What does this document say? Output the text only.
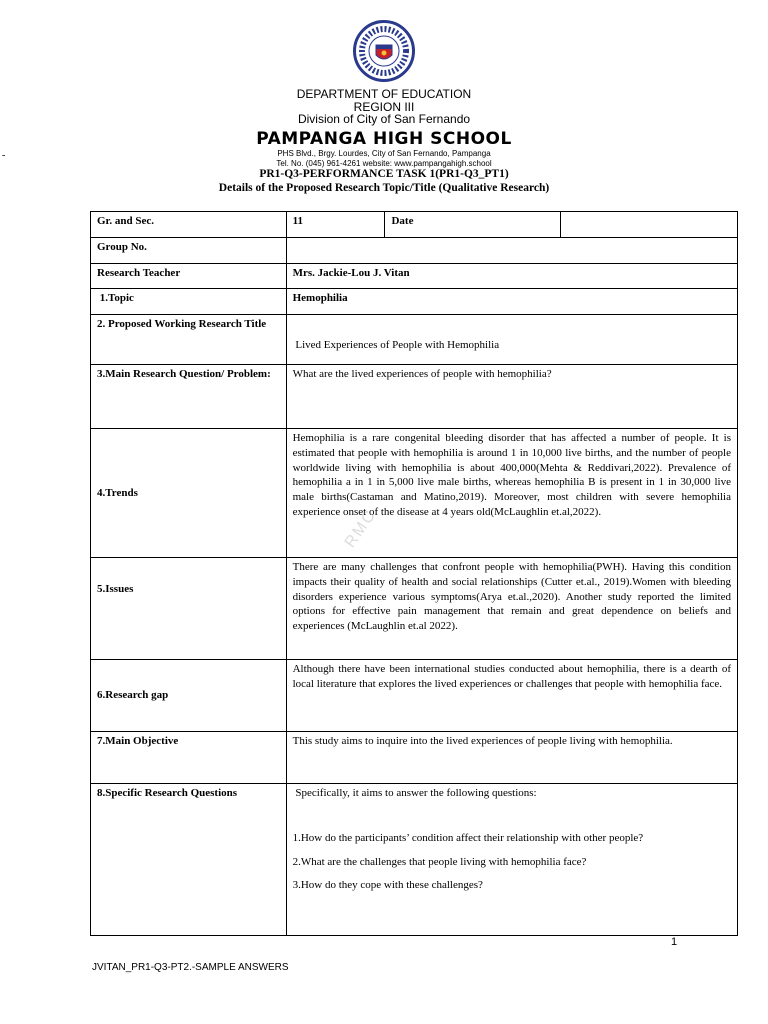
-
DEPARTMENT OF EDUCATION
REGION III
Division of City of San Fernando
PAMPANGA HIGH SCHOOL
PHS Blvd., Brgy. Lourdes, City of San Fernando, Pampanga
Tel. No. (045) 961-4261 website: www.pampangahigh.school
PR1-Q3-PERFORMANCE TASK 1(PR1-Q3_PT1)
Details of the Proposed Research Topic/Title (Qualitative Research)
Gr. and Sec.	11	Date	
Group No.			
Research Teacher	Mrs. Jackie-Lou J. Vitan		
1.Topic	Hemophilia		
2. Proposed Working Research Title	Lived Experiences of People with Hemophilia		
3.Main Research Question/ Problem:	What are the lived experiences of people with hemophilia?		
4.Trends	Hemophilia is a rare congenital bleeding disorder that has affected a number of people. It is estimated that people with hemophilia is around 1 in 10,000 live births, and the number of people worldwide living with hemophilia is about 400,000(Mehta & Reddivari,2022). Prevalence of hemophilia a in 1 in 5,000 live male births, whereas hemophilia B is present in 1 in 30,000 live male births(Castaman and Matino,2019). Moreover, most children with severe hemophilia experience onset of the disease at 4 years old(McLaughlin et.al,2022).		
5.Issues	There are many challenges that confront people with hemophilia(PWH). Having this condition impacts their quality of health and social relationships (Cutter et.al., 2019).Women with bleeding disorders experience various symptoms(Arya et.al.,2020). Another study reported the limited options for effective pain management that remain and great dependence on beliefs and experiences (McLaughlin et.al 2022).		
6.Research gap	Although there have been international studies conducted about hemophilia, there is a dearth of local literature that explores the lived experiences or challenges that people with hemophilia face.		
7.Main Objective	This study aims to inquire into the lived experiences of people living with hemophilia.		
8.Specific Research Questions	Specifically, it aims to answer the following questions:
1.How do the participants’ condition affect their relationship with other people?
2.What are the challenges that people living with hemophilia face?
3.How do they cope with these challenges?		
RMC
1
JVITAN_PR1-Q3-PT2.-SAMPLE ANSWERS
